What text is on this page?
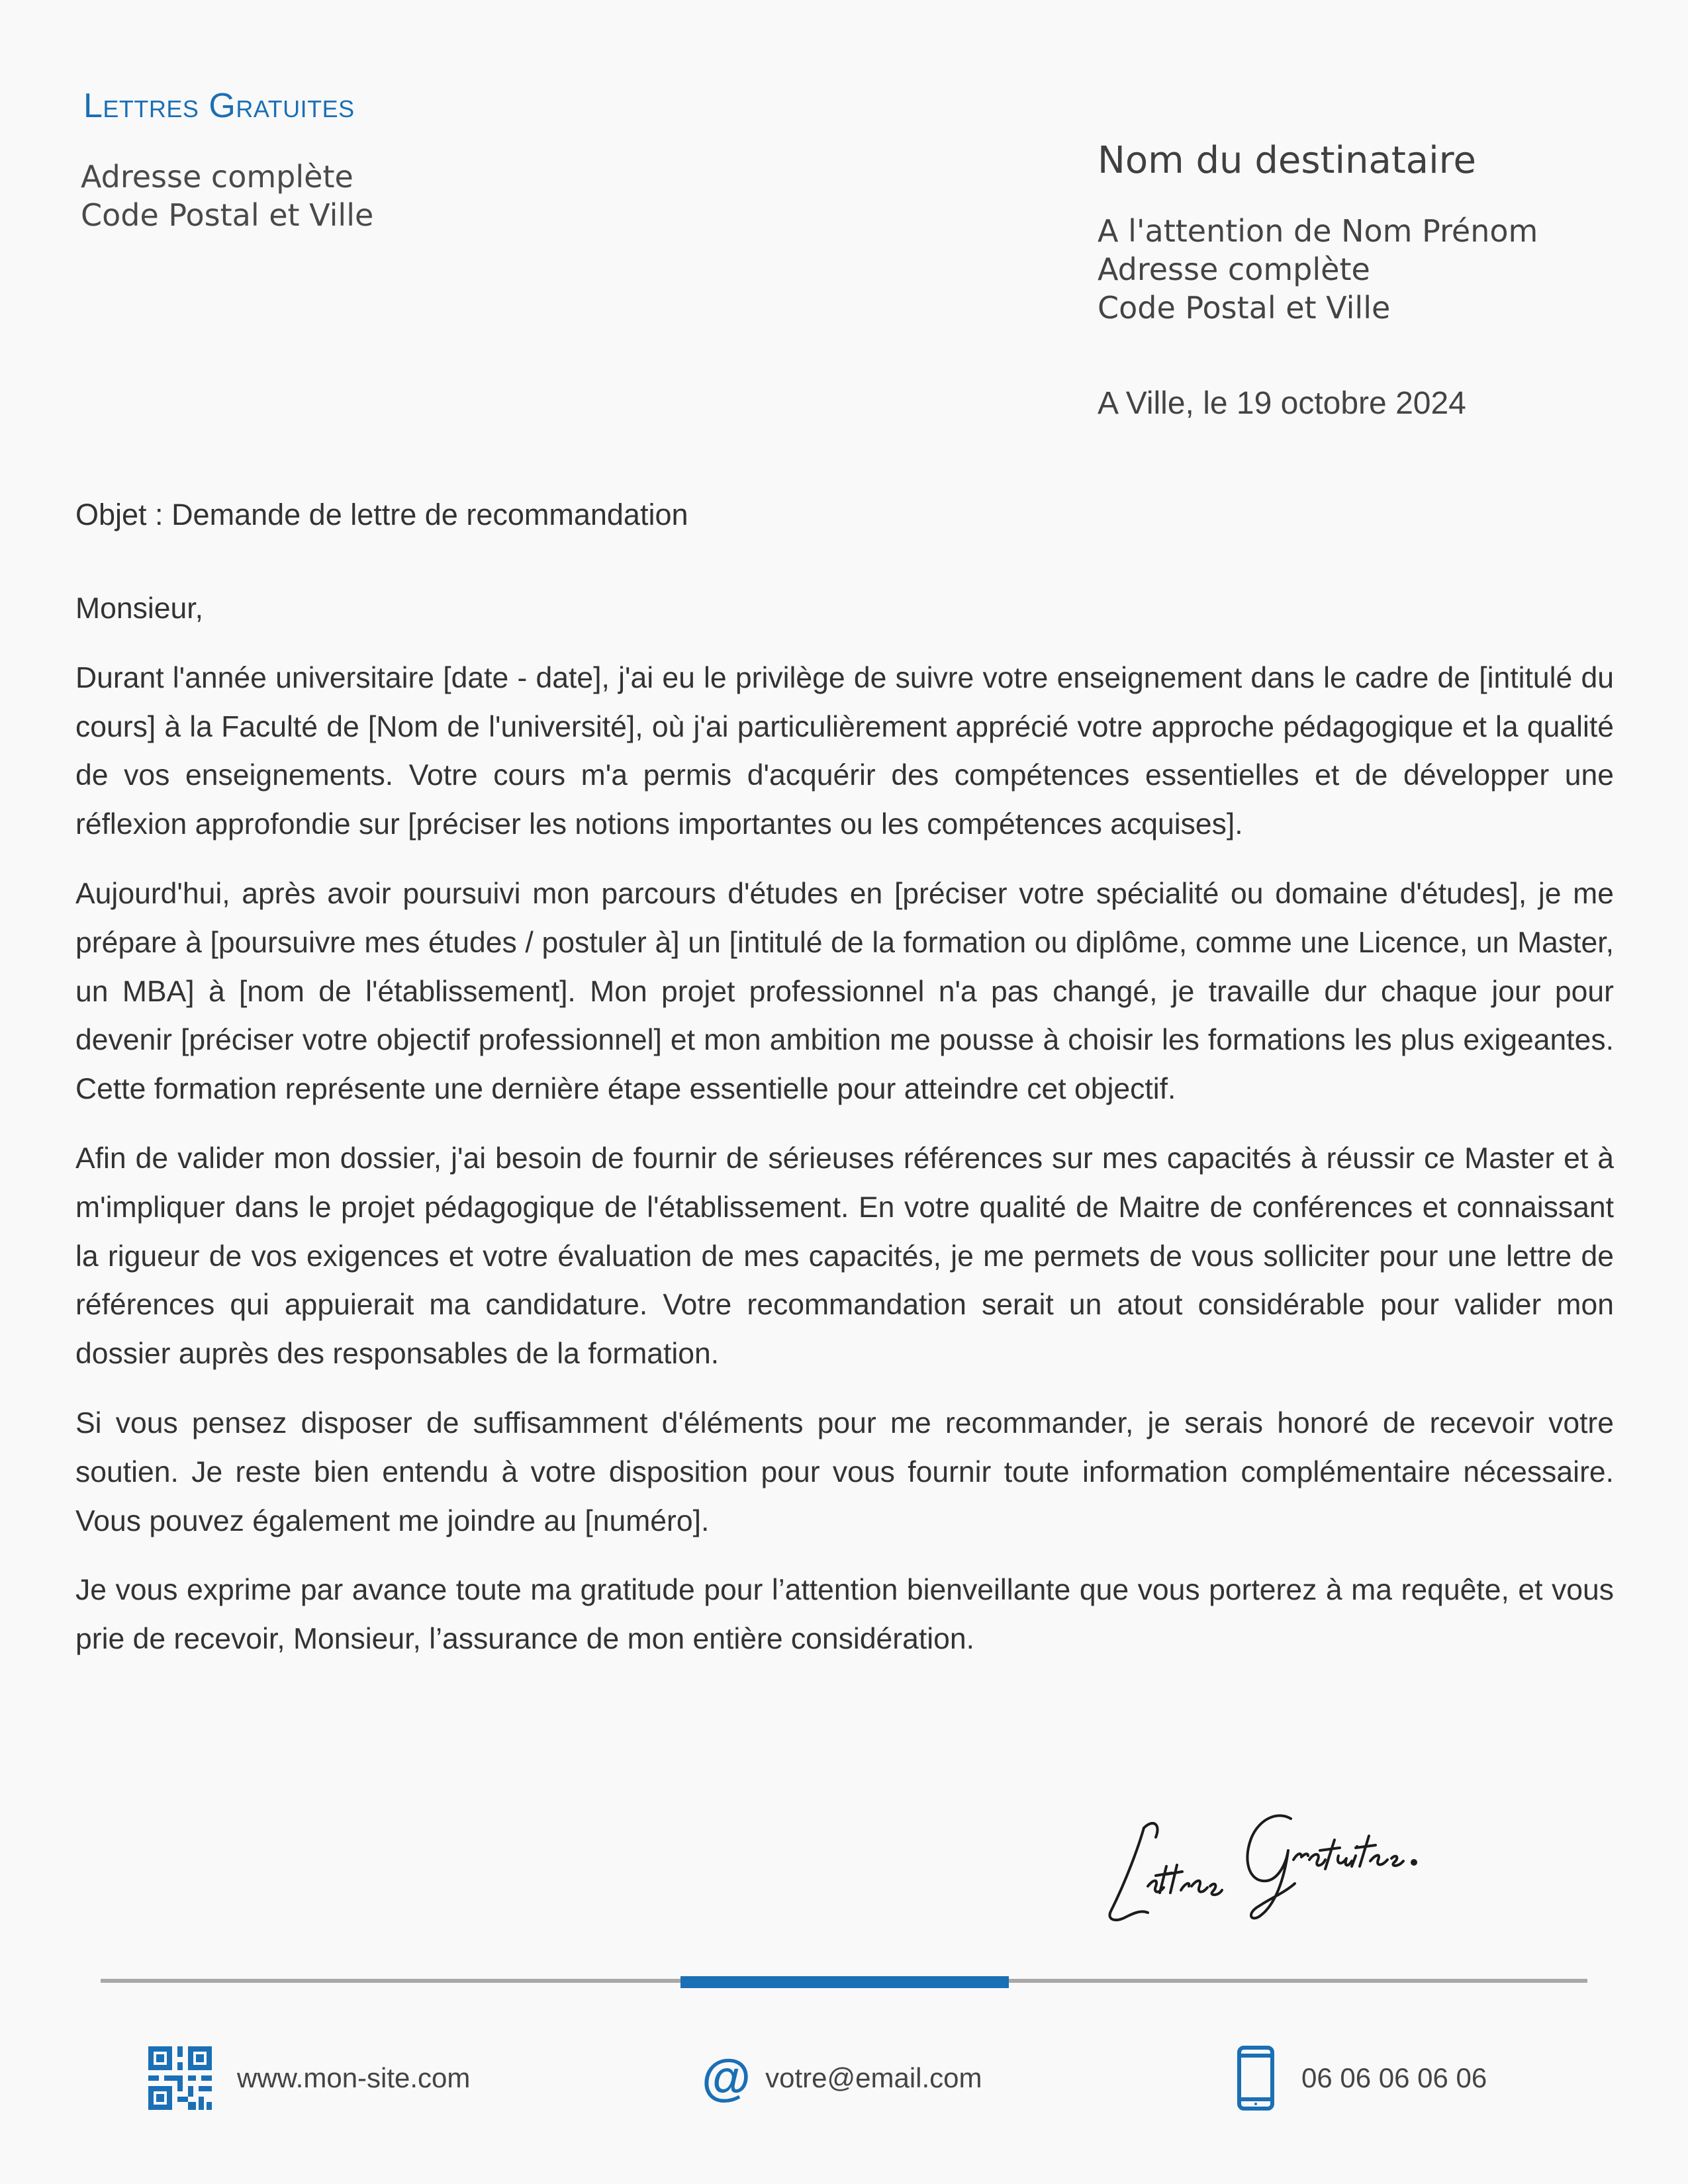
Lettres Gratuites
Adresse complète
Code Postal et Ville
Nom du destinataire
A l'attention de Nom Prénom
Adresse complète
Code Postal et Ville
A Ville, le 19 octobre 2024
Objet : Demande de lettre de recommandation

Monsieur,

Durant l'année universitaire [date - date], j'ai eu le privilège de suivre votre enseignement dans le cadre de [intitulé du cours] à la Faculté de [Nom de l'université], où j'ai particulièrement apprécié votre approche pédagogique et la qualité de vos enseignements. Votre cours m'a permis d'acquérir des compétences essentielles et de développer une réflexion approfondie sur [préciser les notions importantes ou les compétences acquises].

Aujourd'hui, après avoir poursuivi mon parcours d'études en [préciser votre spécialité ou domaine d'études], je me prépare à [poursuivre mes études / postuler à] un [intitulé de la formation ou diplôme, comme une Licence, un Master, un MBA] à [nom de l'établissement]. Mon projet professionnel n'a pas changé, je travaille dur chaque jour pour devenir [préciser votre objectif professionnel] et mon ambition me pousse à choisir les formations les plus exigeantes. Cette formation représente une dernière étape essentielle pour atteindre cet objectif.

Afin de valider mon dossier, j'ai besoin de fournir de sérieuses références sur mes capacités à réussir ce Master et à m'impliquer dans le projet pédagogique de l'établissement. En votre qualité de Maitre de conférences et connaissant la rigueur de vos exigences et votre évaluation de mes capacités, je me permets de vous solliciter pour une lettre de références qui appuierait ma candidature. Votre recommandation serait un atout considérable pour valider mon dossier auprès des responsables de la formation.

Si vous pensez disposer de suffisamment d'éléments pour me recommander, je serais honoré de recevoir votre soutien. Je reste bien entendu à votre disposition pour vous fournir toute information complémentaire nécessaire. Vous pouvez également me joindre au [numéro].

Je vous exprime par avance toute ma gratitude pour l’attention bienveillante que vous porterez à ma requête, et vous prie de recevoir, Monsieur, l’assurance de mon entière considération.

www.mon-site.com	@ votre@email.com	06 06 06 06 06
